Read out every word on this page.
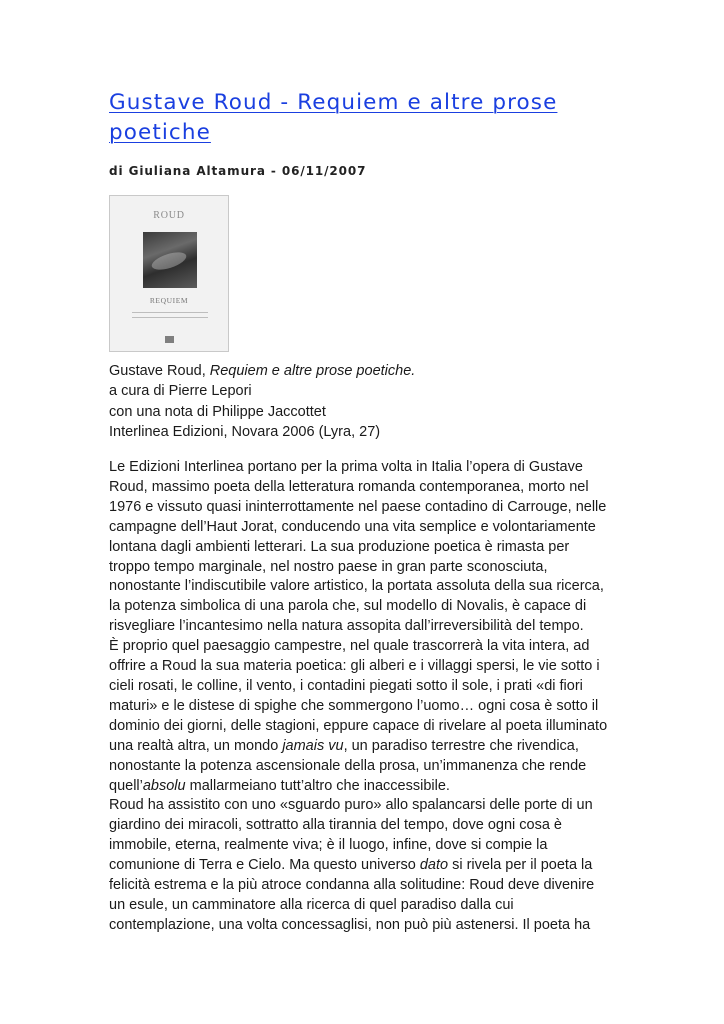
Gustave Roud - Requiem e altre prose poetiche

di Giuliana Altamura - 06/11/2007

ROUD
REQUIEM
Gustave Roud, Requiem e altre prose poetiche.
a cura di Pierre Lepori
con una nota di Philippe Jaccottet
Interlinea Edizioni, Novara 2006 (Lyra, 27)
Le Edizioni Interlinea portano per la prima volta in Italia l’opera di Gustave
Roud, massimo poeta della letteratura romanda contemporanea, morto nel
1976 e vissuto quasi ininterrottamente nel paese contadino di Carrouge, nelle
campagne dell’Haut Jorat, conducendo una vita semplice e volontariamente
lontana dagli ambienti letterari. La sua produzione poetica è rimasta per
troppo tempo marginale, nel nostro paese in gran parte sconosciuta,
nonostante l’indiscutibile valore artistico, la portata assoluta della sua ricerca,
la potenza simbolica di una parola che, sul modello di Novalis, è capace di
risvegliare l’incantesimo nella natura assopita dall’irreversibilità del tempo.
È proprio quel paesaggio campestre, nel quale trascorrerà la vita intera, ad
offrire a Roud la sua materia poetica: gli alberi e i villaggi spersi, le vie sotto i
cieli rosati, le colline, il vento, i contadini piegati sotto il sole, i prati «di fiori
maturi» e le distese di spighe che sommergono l’uomo… ogni cosa è sotto il
dominio dei giorni, delle stagioni, eppure capace di rivelare al poeta illuminato
una realtà altra, un mondo jamais vu, un paradiso terrestre che rivendica,
nonostante la potenza ascensionale della prosa, un’immanenza che rende
quell’absolu mallarmeiano tutt’altro che inaccessibile.
Roud ha assistito con uno «sguardo puro» allo spalancarsi delle porte di un
giardino dei miracoli, sottratto alla tirannia del tempo, dove ogni cosa è
immobile, eterna, realmente viva; è il luogo, infine, dove si compie la
comunione di Terra e Cielo. Ma questo universo dato si rivela per il poeta la
felicità estrema e la più atroce condanna alla solitudine: Roud deve divenire
un esule, un camminatore alla ricerca di quel paradiso dalla cui
contemplazione, una volta concessaglisi, non può più astenersi. Il poeta ha
